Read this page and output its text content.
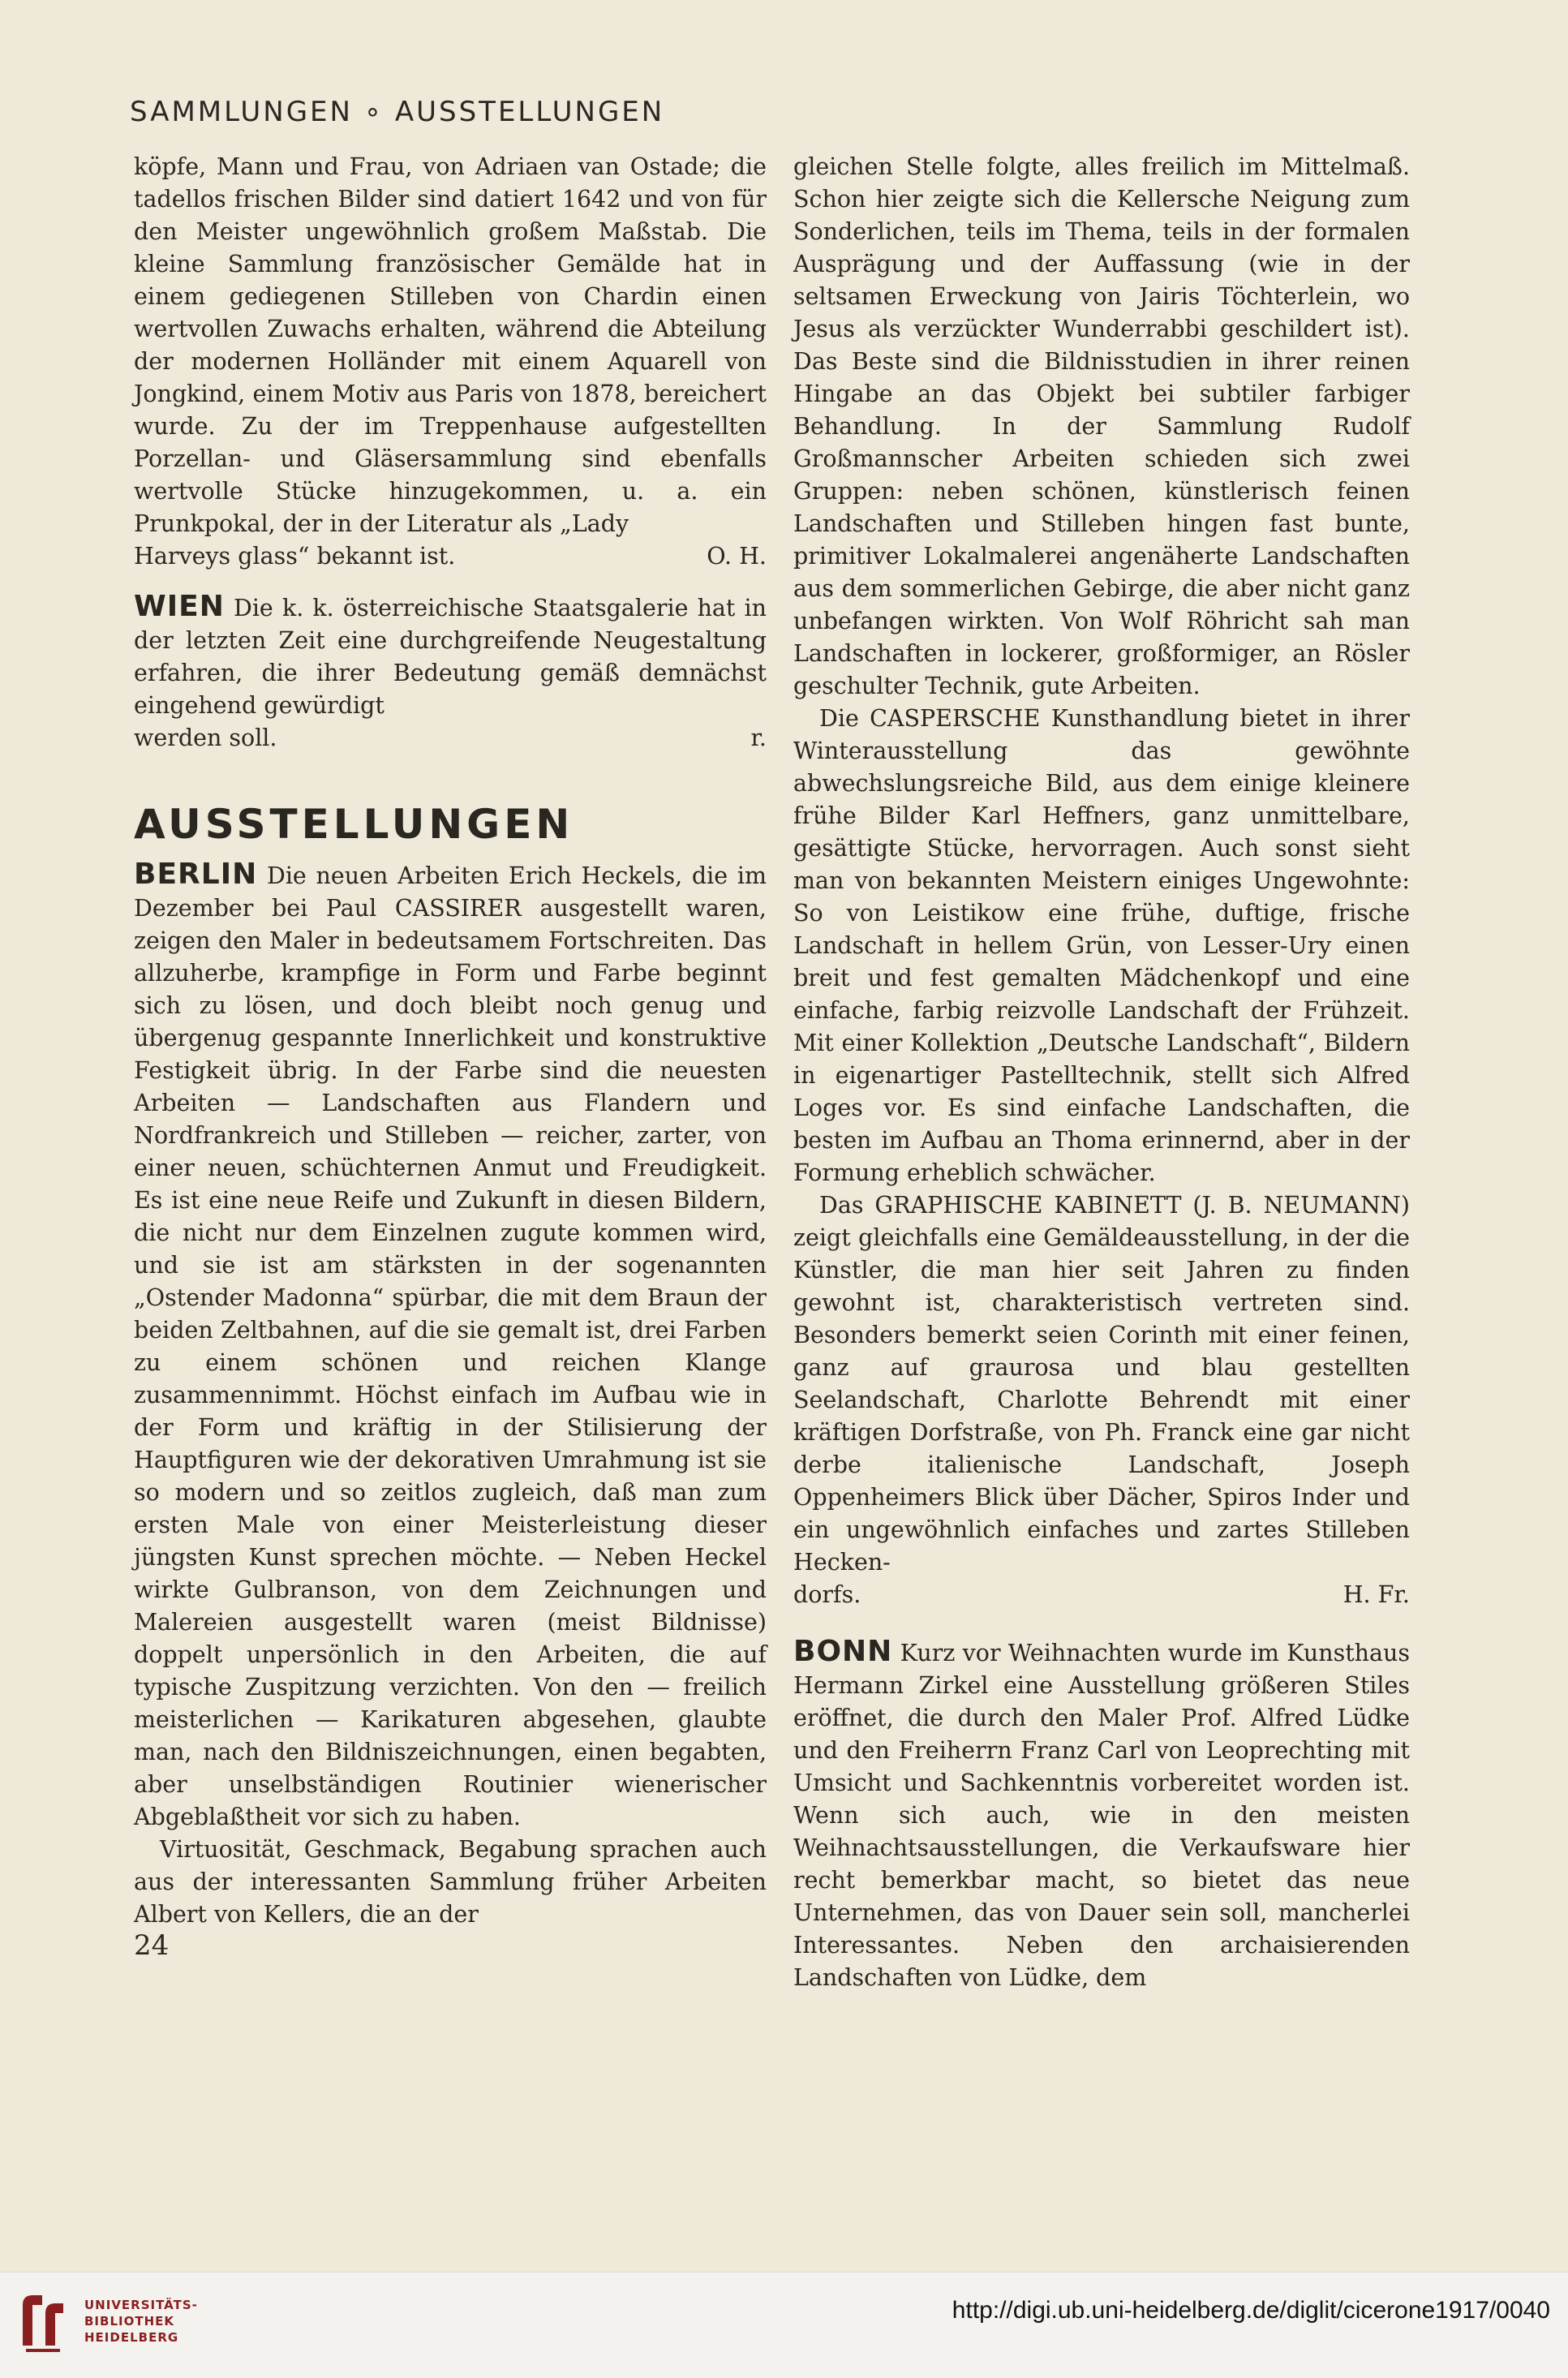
SAMMLUNGEN ∘ AUSSTELLUNGEN

köpfe, Mann und Frau, von Adriaen van Ostade; die tadellos frischen Bilder sind datiert 1642 und von für den Meister ungewöhnlich großem Maßstab. Die kleine Sammlung französischer Gemälde hat in einem gediegenen Stilleben von Chardin einen wertvollen Zuwachs erhalten, während die Abteilung der modernen Holländer mit einem Aquarell von Jongkind, einem Motiv aus Paris von 1878, bereichert wurde. Zu der im Treppenhause aufgestellten Porzellan- und Gläsersammlung sind ebenfalls wertvolle Stücke hinzugekommen, u. a. ein Prunkpokal, der in der Literatur als „Lady

Harveys glass“ bekannt ist.	O. H.

WIEN Die k. k. österreichische Staatsgalerie hat in der letzten Zeit eine durchgreifende Neugestaltung erfahren, die ihrer Bedeutung gemäß demnächst eingehend gewürdigt

werden soll.	r.
AUSSTELLUNGEN

BERLIN Die neuen Arbeiten Erich Heckels, die im Dezember bei Paul CASSIRER ausgestellt waren, zeigen den Maler in bedeutsamem Fortschreiten. Das allzuherbe, krampfige in Form und Farbe beginnt sich zu lösen, und doch bleibt noch genug und übergenug gespannte Innerlichkeit und konstruktive Festigkeit übrig. In der Farbe sind die neuesten Arbeiten — Landschaften aus Flandern und Nordfrankreich und Stilleben — reicher, zarter, von einer neuen, schüchternen Anmut und Freudigkeit. Es ist eine neue Reife und Zukunft in diesen Bildern, die nicht nur dem Einzelnen zugute kommen wird, und sie ist am stärksten in der sogenannten „Ostender Madonna“ spürbar, die mit dem Braun der beiden Zeltbahnen, auf die sie gemalt ist, drei Farben zu einem schönen und reichen Klange zusammennimmt. Höchst einfach im Aufbau wie in der Form und kräftig in der Stilisierung der Hauptfiguren wie der dekorativen Umrahmung ist sie so modern und so zeitlos zugleich, daß man zum ersten Male von einer Meisterleistung dieser jüngsten Kunst sprechen möchte. — Neben Heckel wirkte Gulbranson, von dem Zeichnungen und Malereien ausgestellt waren (meist Bildnisse) doppelt unpersönlich in den Arbeiten, die auf typische Zuspitzung verzichten. Von den — freilich meisterlichen — Karikaturen abgesehen, glaubte man, nach den Bildniszeichnungen, einen begabten, aber unselbständigen Routinier wienerischer Abgeblaßtheit vor sich zu haben.

Virtuosität, Geschmack, Begabung sprachen auch aus der interessanten Sammlung früher Arbeiten Albert von Kellers, die an der

gleichen Stelle folgte, alles freilich im Mittelmaß. Schon hier zeigte sich die Kellersche Neigung zum Sonderlichen, teils im Thema, teils in der formalen Ausprägung und der Auffassung (wie in der seltsamen Erweckung von Jairis Töchterlein, wo Jesus als verzückter Wunderrabbi geschildert ist). Das Beste sind die Bildnisstudien in ihrer reinen Hingabe an das Objekt bei subtiler farbiger Behandlung. In der Sammlung Rudolf Großmannscher Arbeiten schieden sich zwei Gruppen: neben schönen, künstlerisch feinen Landschaften und Stilleben hingen fast bunte, primitiver Lokalmalerei angenäherte Landschaften aus dem sommerlichen Gebirge, die aber nicht ganz unbefangen wirkten. Von Wolf Röhricht sah man Landschaften in lockerer, großformiger, an Rösler geschulter Technik, gute Arbeiten.

Die CASPERSCHE Kunsthandlung bietet in ihrer Winterausstellung das gewöhnte abwechslungsreiche Bild, aus dem einige kleinere frühe Bilder Karl Heffners, ganz unmittelbare, gesättigte Stücke, hervorragen. Auch sonst sieht man von bekannten Meistern einiges Ungewohnte: So von Leistikow eine frühe, duftige, frische Landschaft in hellem Grün, von Lesser-Ury einen breit und fest gemalten Mädchenkopf und eine einfache, farbig reizvolle Landschaft der Frühzeit. Mit einer Kollektion „Deutsche Landschaft“, Bildern in eigenartiger Pastelltechnik, stellt sich Alfred Loges vor. Es sind einfache Landschaften, die besten im Aufbau an Thoma erinnernd, aber in der Formung erheblich schwächer.

Das GRAPHISCHE KABINETT (J. B. NEUMANN) zeigt gleichfalls eine Gemäldeausstellung, in der die Künstler, die man hier seit Jahren zu finden gewohnt ist, charakteristisch vertreten sind. Besonders bemerkt seien Corinth mit einer feinen, ganz auf graurosa und blau gestellten Seelandschaft, Charlotte Behrendt mit einer kräftigen Dorfstraße, von Ph. Franck eine gar nicht derbe italienische Landschaft, Joseph Oppenheimers Blick über Dächer, Spiros Inder und ein ungewöhnlich einfaches und zartes Stilleben Hecken-

dorfs.	H. Fr.

BONN Kurz vor Weihnachten wurde im Kunsthaus Hermann Zirkel eine Ausstellung größeren Stiles eröffnet, die durch den Maler Prof. Alfred Lüdke und den Freiherrn Franz Carl von Leoprechting mit Umsicht und Sachkenntnis vorbereitet worden ist. Wenn sich auch, wie in den meisten Weihnachtsausstellungen, die Verkaufsware hier recht bemerkbar macht, so bietet das neue Unternehmen, das von Dauer sein soll, mancherlei Interessantes. Neben den archaisierenden Landschaften von Lüdke, dem

24
UNIVERSITÄTS-
BIBLIOTHEK
HEIDELBERG
http://digi.ub.uni-heidelberg.de/diglit/cicerone1917/0040
